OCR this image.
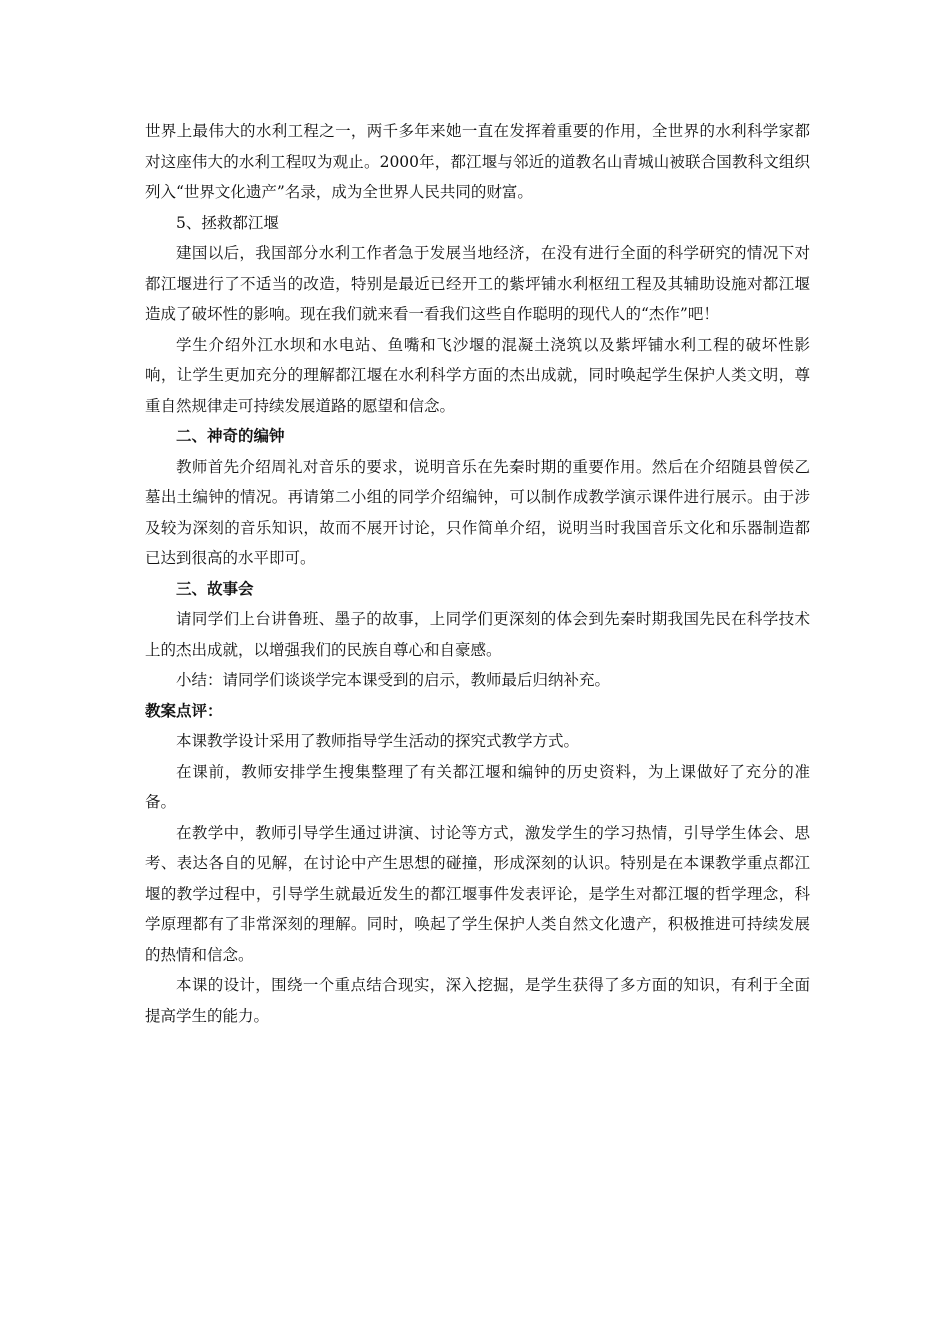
世界上最伟大的水利工程之一，两千多年来她一直在发挥着重要的作用，全世界的水利科学家都对这座伟大的水利工程叹为观止。2000年，都江堰与邻近的道教名山青城山被联合国教科文组织列入“世界文化遗产”名录，成为全世界人民共同的财富。

5、拯救都江堰

建国以后，我国部分水利工作者急于发展当地经济，在没有进行全面的科学研究的情况下对都江堰进行了不适当的改造，特别是最近已经开工的紫坪铺水利枢纽工程及其辅助设施对都江堰造成了破坏性的影响。现在我们就来看一看我们这些自作聪明的现代人的“杰作”吧！

学生介绍外江水坝和水电站、鱼嘴和飞沙堰的混凝土浇筑以及紫坪铺水利工程的破坏性影响，让学生更加充分的理解都江堰在水利科学方面的杰出成就，同时唤起学生保护人类文明，尊重自然规律走可持续发展道路的愿望和信念。

二、神奇的编钟

教师首先介绍周礼对音乐的要求，说明音乐在先秦时期的重要作用。然后在介绍随县曾侯乙墓出土编钟的情况。再请第二小组的同学介绍编钟，可以制作成教学演示课件进行展示。由于涉及较为深刻的音乐知识，故而不展开讨论，只作简单介绍，说明当时我国音乐文化和乐器制造都已达到很高的水平即可。

三、故事会

请同学们上台讲鲁班、墨子的故事，上同学们更深刻的体会到先秦时期我国先民在科学技术上的杰出成就，以增强我们的民族自尊心和自豪感。

小结：请同学们谈谈学完本课受到的启示，教师最后归纳补充。

教案点评：

本课教学设计采用了教师指导学生活动的探究式教学方式。

在课前，教师安排学生搜集整理了有关都江堰和编钟的历史资料，为上课做好了充分的准备。

在教学中，教师引导学生通过讲演、讨论等方式，激发学生的学习热情，引导学生体会、思考、表达各自的见解，在讨论中产生思想的碰撞，形成深刻的认识。特别是在本课教学重点都江堰的教学过程中，引导学生就最近发生的都江堰事件发表评论，是学生对都江堰的哲学理念，科学原理都有了非常深刻的理解。同时，唤起了学生保护人类自然文化遗产，积极推进可持续发展的热情和信念。

本课的设计，围绕一个重点结合现实，深入挖掘，是学生获得了多方面的知识，有利于全面提高学生的能力。
